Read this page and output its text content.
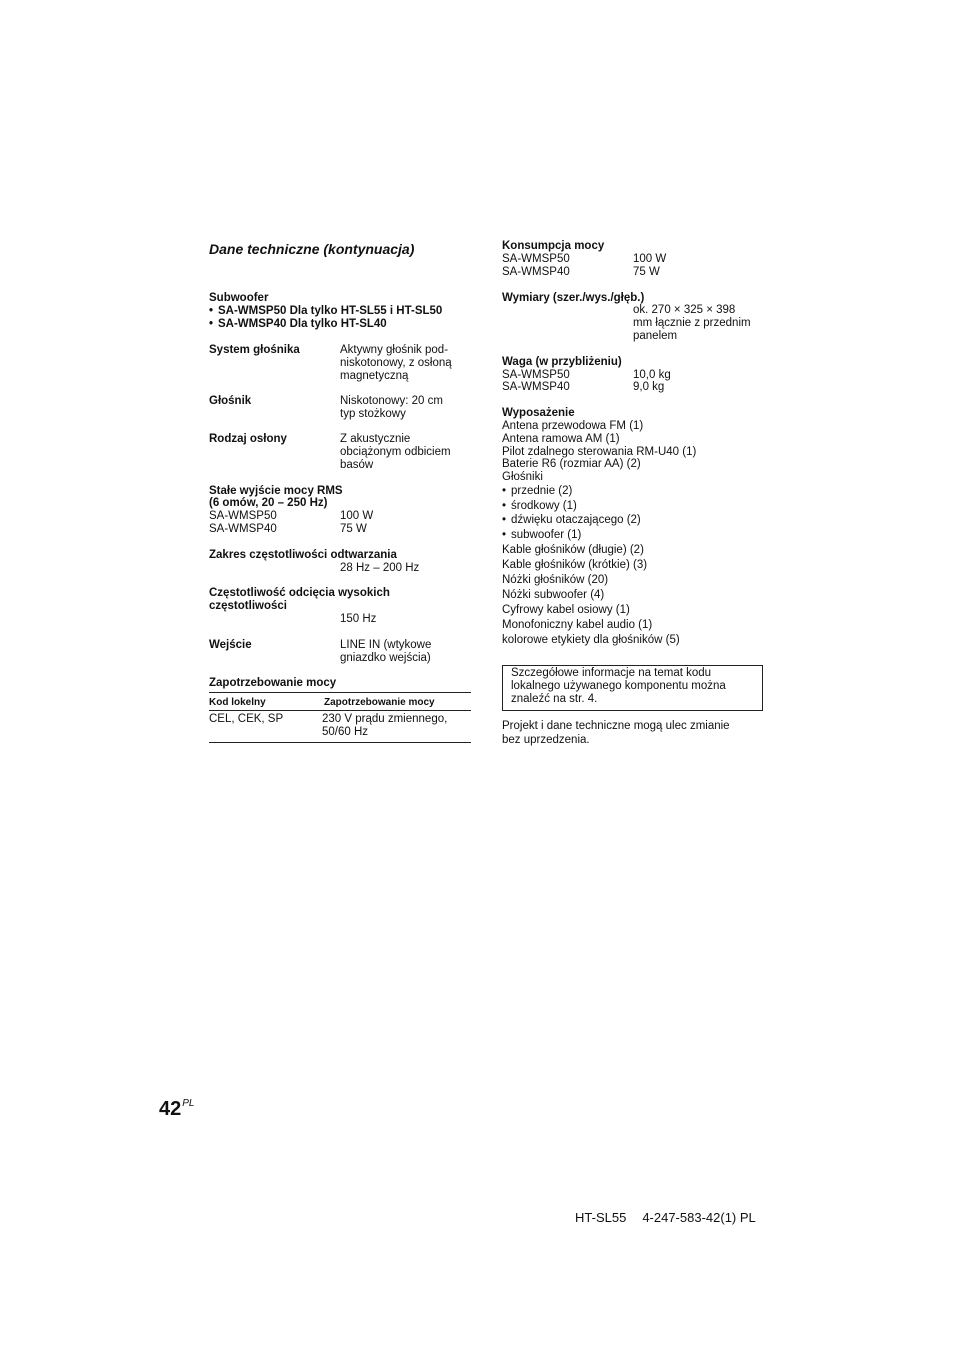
Dane techniczne (kontynuacja)
Subwoofer
• SA-WMSP50 Dla tylko HT-SL55 i HT-SL50
• SA-WMSP40 Dla tylko HT-SL40
System głośnika	Aktywny głośnik pod-
niskotonowy, z osłoną
magnetyczną
Głośnik	Niskotonowy: 20 cm
typ stożkowy
Rodzaj osłony	Z akustycznie
obciążonym odbiciem
basów
Stałe wyjście mocy RMS
(6 omów, 20 – 250 Hz)
SA-WMSP50	100 W
SA-WMSP40	75 W
Zakres częstotliwości odtwarzania
28 Hz – 200 Hz
Częstotliwość odcięcia wysokich
częstotliwości
150 Hz
Wejście	LINE IN (wtykowe
gniazdko wejścia)
Zapotrzebowanie mocy
Kod lokelny	Zapotrzebowanie mocy
CEL, CEK, SP	230 V prądu zmiennego,
50/60 Hz
Konsumpcja mocy
SA-WMSP50	100 W
SA-WMSP40	75 W
Wymiary (szer./wys./głęb.)
ok. 270 × 325 × 398
mm łącznie z przednim
panelem
Waga (w przybliżeniu)
SA-WMSP50	10,0 kg
SA-WMSP40	9,0 kg
Wyposażenie
Antena przewodowa FM (1)
Antena ramowa AM (1)
Pilot zdalnego sterowania RM-U40 (1)
Baterie R6 (rozmiar AA) (2)
Głośniki
• przednie (2)
• środkowy (1)
• dźwięku otaczającego (2)
• subwoofer (1)
Kable głośników (długie) (2)
Kable głośników (krótkie) (3)
Nóżki głośników (20)
Nóżki subwoofer (4)
Cyfrowy kabel osiowy (1)
Monofoniczny kabel audio (1)
kolorowe etykiety dla głośników (5)
Projekt i dane techniczne mogą ulec zmianie
bez uprzedzenia.
Szczegółowe informacje na temat kodu
lokalnego używanego komponentu można
znaleźć na str. 4.
42PL
HT-SL55 4-247-583-42(1) PL
